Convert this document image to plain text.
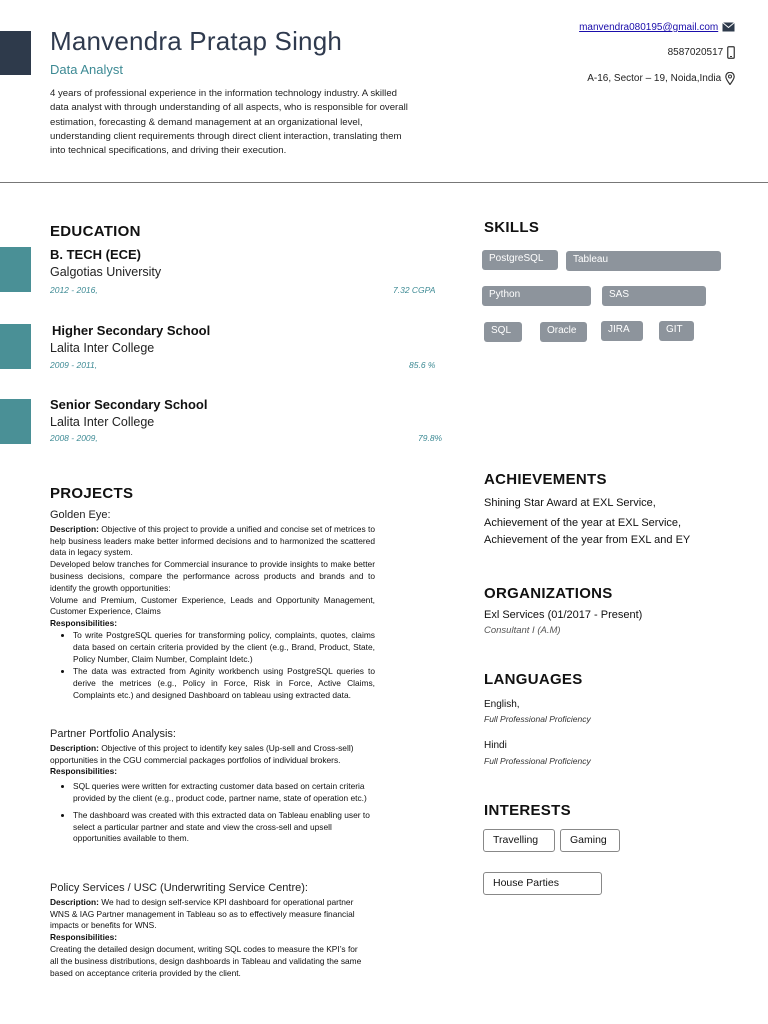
Manvendra Pratap Singh
Data Analyst
4 years of professional experience in the information technology industry. A skilled data analyst with through understanding of all aspects, who is responsible for overall estimation, forecasting & demand management at an organizational level, understanding client requirements through direct client interaction, translating them into technical specifications, and driving their execution.
manvendra080195@gmail.com
8587020517
A-16, Sector – 19, Noida,India
EDUCATION
B. TECH (ECE)
Galgotias University
2012 - 2016,	7.32 CGPA
Higher Secondary School
Lalita Inter College
2009 - 2011,	85.6 %
Senior Secondary School
Lalita Inter College
2008 - 2009,	79.8%
PROJECTS
Golden Eye:

Description: Objective of this project to provide a unified and concise set of metrices to help business leaders make better informed decisions and to harmonized the scattered data in legacy system.

Developed below tranches for Commercial insurance to provide insights to make better business decisions, compare the performance across products and brands and to identify the growth opportunities:

Volume and Premium, Customer Experience, Leads and Opportunity Management, Customer Experience, Claims

Responsibilities:

• To write PostgreSQL queries for transforming policy, complaints, quotes, claims data based on certain criteria provided by the client (e.g., Brand, Product, State, Policy Number, Claim Number, Complaint Idetc.)
• The data was extracted from Aginity workbench using PostgreSQL queries to derive the metrices (e.g., Policy in Force, Risk in Force, Active Claims, Complaints etc.) and designed Dashboard on tableau using extracted data.
Partner Portfolio Analysis:

Description: Objective of this project to identify key sales (Up-sell and Cross-sell) opportunities in the CGU commercial packages portfolios of individual brokers.

Responsibilities:

• SQL queries were written for extracting customer data based on certain criteria provided by the client (e.g., product code, partner name, state of operation etc.)
• The dashboard was created with this extracted data on Tableau enabling user to select a particular partner and state and view the cross-sell and upsell opportunities available to them.
Policy Services / USC (Underwriting Service Centre):

Description: We had to design self-service KPI dashboard for operational partner WNS & IAG Partner management in Tableau so as to effectively measure financial impacts or benefits for WNS.

Responsibilities:

Creating the detailed design document, writing SQL codes to measure the KPI’s for all the business distributions, design dashboards in Tableau and validating the same based on acceptance criteria provided by the client.

SKILLS
PostgreSQL	Tableau
Python	SAS
SQL	Oracle	JIRA	GIT
ACHIEVEMENTS
Shining Star Award at EXL Service,
Achievement of the year at EXL Service,
Achievement of the year from EXL and EY
ORGANIZATIONS
Exl Services (01/2017 - Present)
Consultant I (A.M)
LANGUAGES
English,
Full Professional Proficiency
Hindi
Full Professional Proficiency
INTERESTS
Travelling	Gaming
House Parties
